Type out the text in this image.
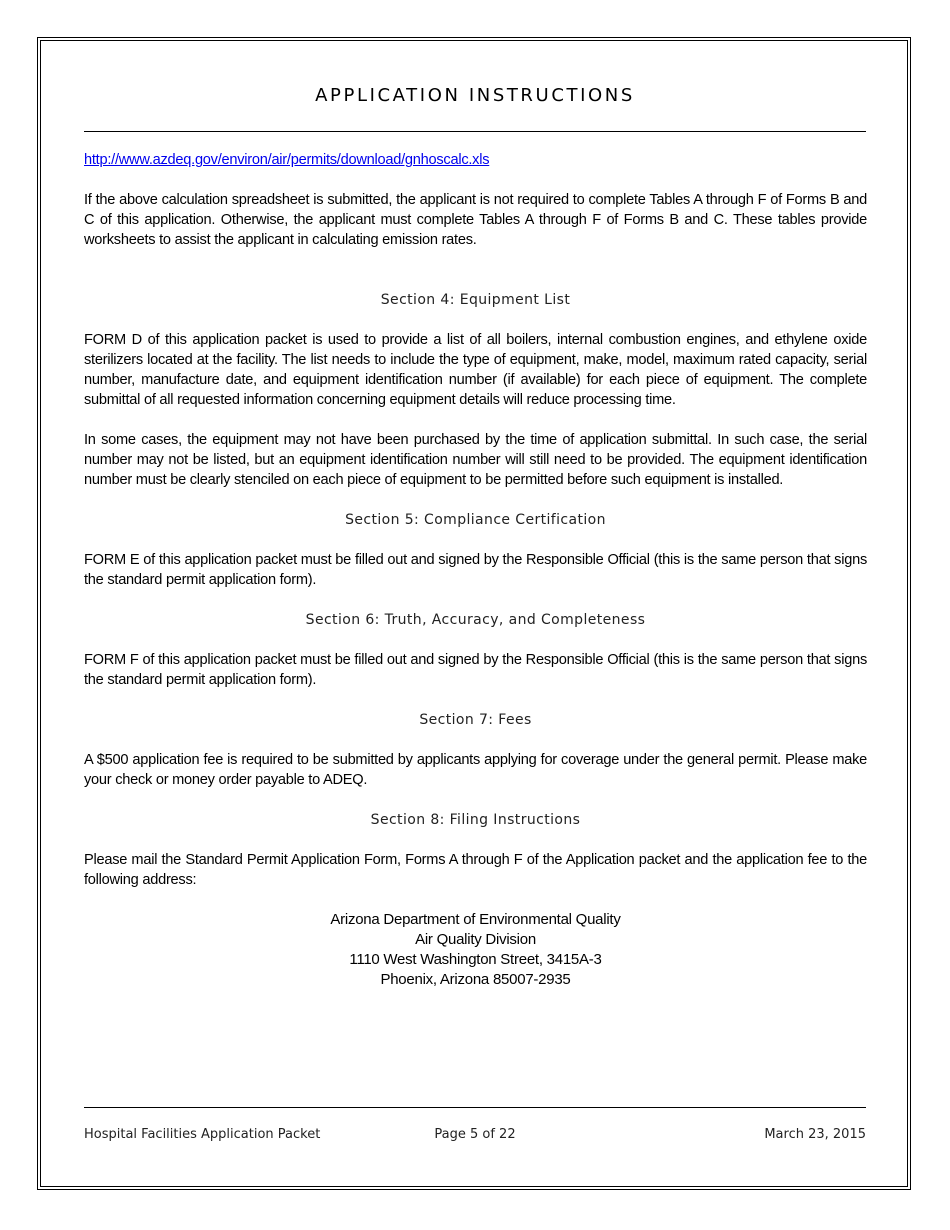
APPLICATION INSTRUCTIONS

http://www.azdeq.gov/environ/air/permits/download/gnhoscalc.xls

If the above calculation spreadsheet is submitted, the applicant is not required to complete Tables A through F of Forms B and C of this application. Otherwise, the applicant must complete Tables A through F of Forms B and C. These tables provide worksheets to assist the applicant in calculating emission rates.

Section 4: Equipment List

FORM D of this application packet is used to provide a list of all boilers, internal combustion engines, and ethylene oxide sterilizers located at the facility. The list needs to include the type of equipment, make, model, maximum rated capacity, serial number, manufacture date, and equipment identification number (if available) for each piece of equipment. The complete submittal of all requested information concerning equipment details will reduce processing time.

In some cases, the equipment may not have been purchased by the time of application submittal. In such case, the serial number may not be listed, but an equipment identification number will still need to be provided. The equipment identification number must be clearly stenciled on each piece of equipment to be permitted before such equipment is installed.

Section 5: Compliance Certification

FORM E of this application packet must be filled out and signed by the Responsible Official (this is the same person that signs the standard permit application form).

Section 6: Truth, Accuracy, and Completeness

FORM F of this application packet must be filled out and signed by the Responsible Official (this is the same person that signs the standard permit application form).

Section 7: Fees

A $500 application fee is required to be submitted by applicants applying for coverage under the general permit. Please make your check or money order payable to ADEQ.

Section 8: Filing Instructions

Please mail the Standard Permit Application Form, Forms A through F of the Application packet and the application fee to the following address:

Arizona Department of Environmental Quality
Air Quality Division
1110 West Washington Street, 3415A-3
Phoenix, Arizona 85007-2935
Page 5 of 22
Hospital Facilities Application Packet	March 23, 2015
